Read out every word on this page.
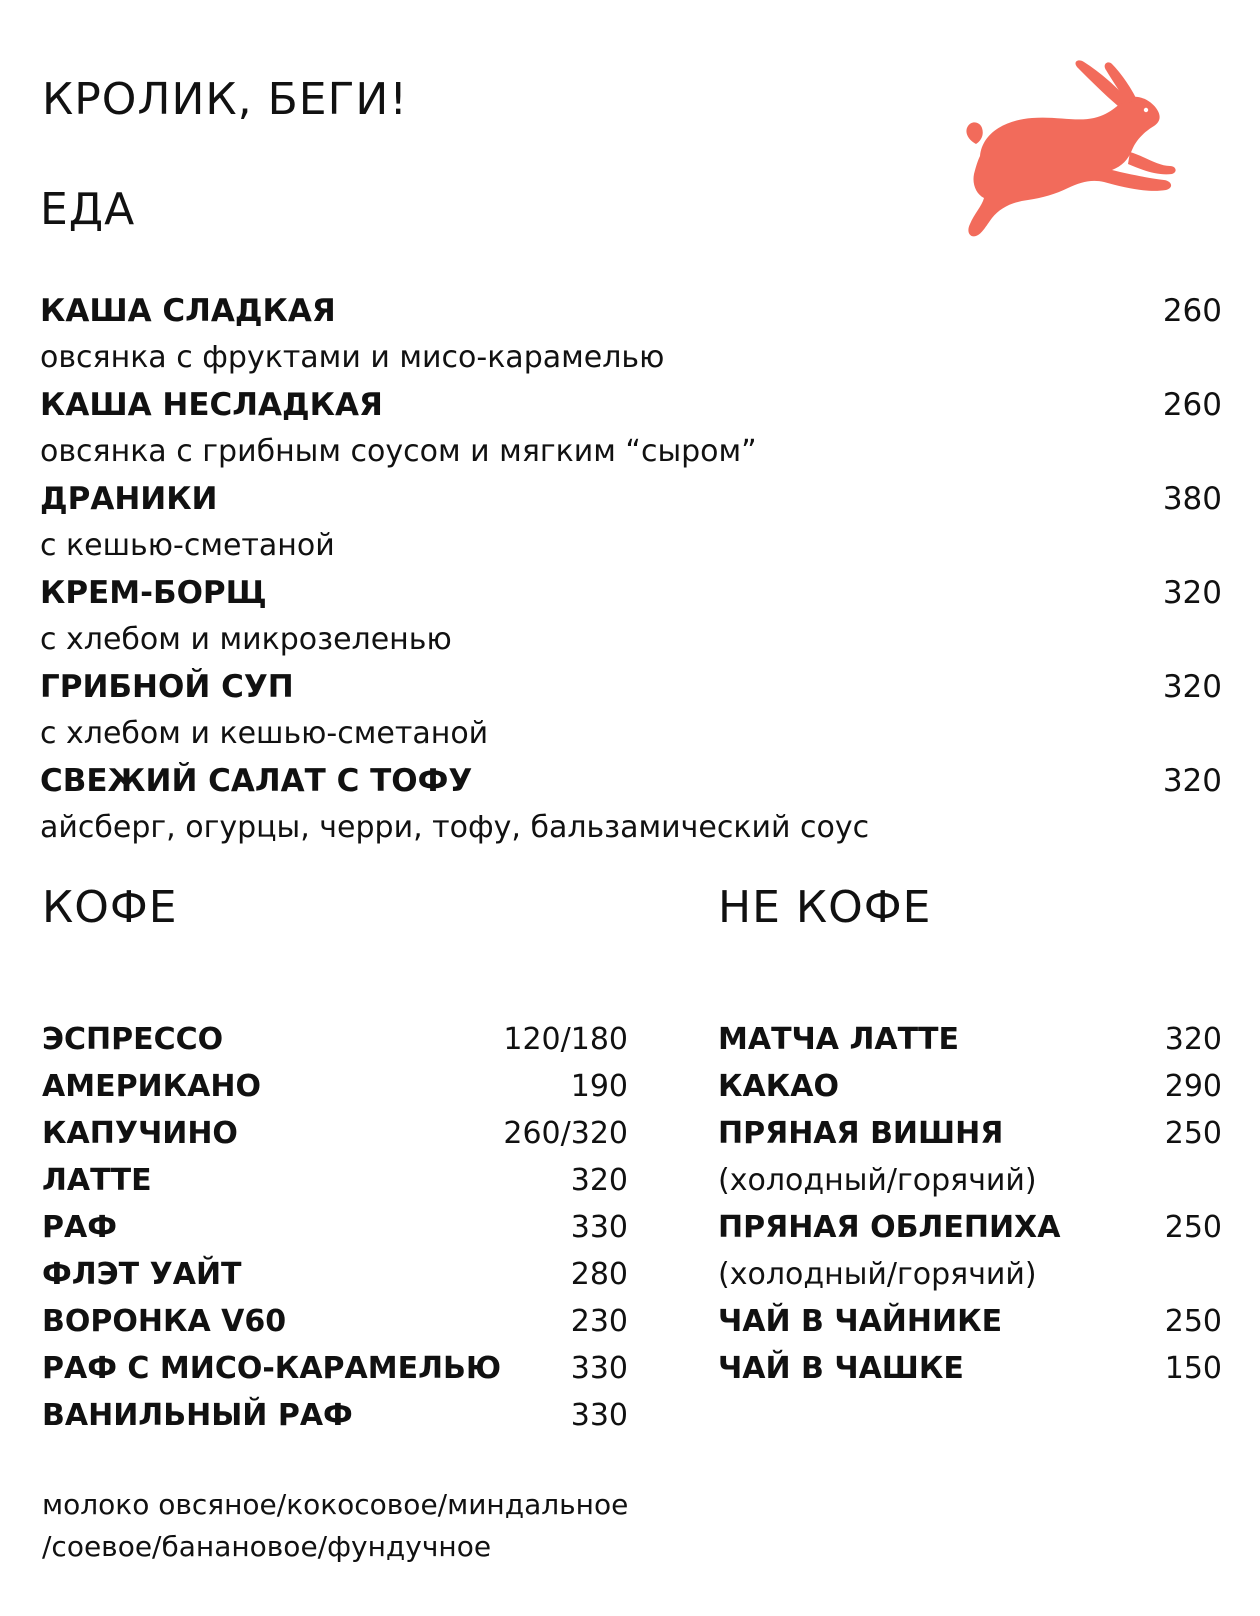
КРОЛИК, БЕГИ!
ЕДА
КАША СЛАДКАЯ	260
овсянка с фруктами и мисо-карамелью
КАША НЕСЛАДКАЯ	260
овсянка с грибным соусом и мягким “сыром”
ДРАНИКИ	380
с кешью-сметаной
КРЕМ-БОРЩ	320
с хлебом и микрозеленью
ГРИБНОЙ СУП	320
с хлебом и кешью-сметаной
СВЕЖИЙ САЛАТ С ТОФУ	320
айсберг, огурцы, черри, тофу, бальзамический соус
КОФЕ	НЕ КОФЕ
ЭСПРЕССО	120/180
АМЕРИКАНО	190
КАПУЧИНО	260/320
ЛАТТЕ	320
РАФ	330
ФЛЭТ УАЙТ	280
ВОРОНКА V60	230
РАФ С МИСО-КАРАМЕЛЬЮ 330
ВАНИЛЬНЫЙ РАФ	330
МАТЧА ЛАТТЕ	320
КАКАО	290
ПРЯНАЯ ВИШНЯ	250
(холодный/горячий)
ПРЯНАЯ ОБЛЕПИХА	250
(холодный/горячий)
ЧАЙ В ЧАЙНИКЕ	250
ЧАЙ В ЧАШКЕ	150
молоко овсяное/кокосовое/миндальное
/соевое/банановое/фундучное
